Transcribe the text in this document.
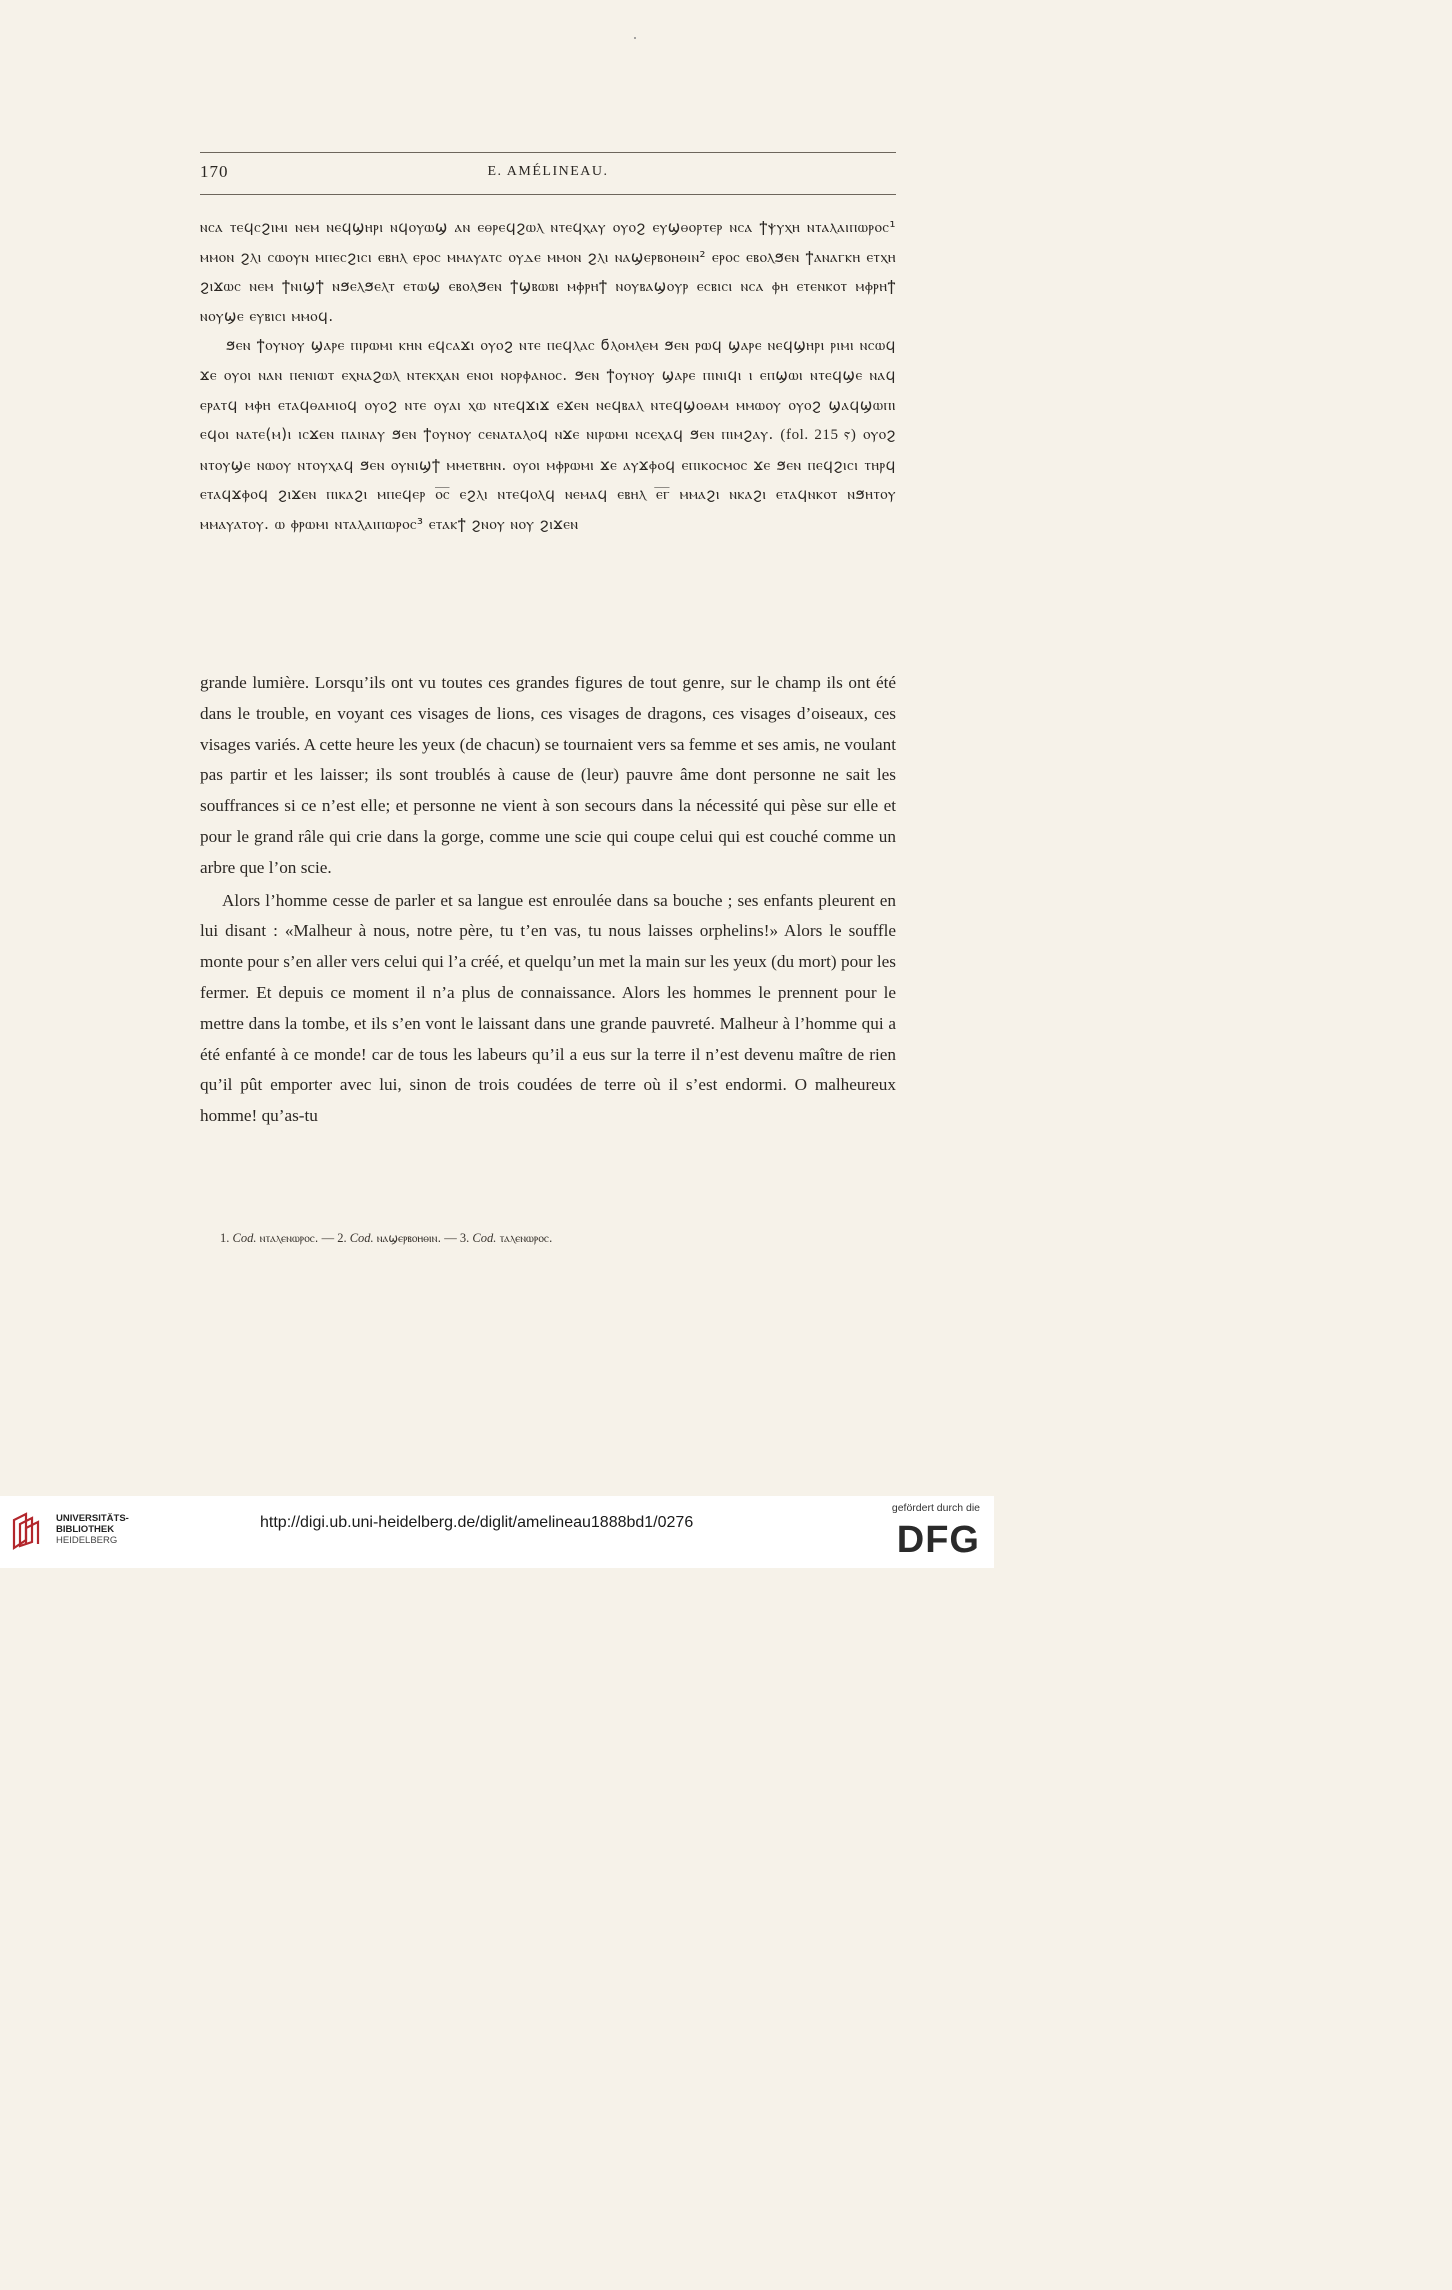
170	E. AMÉLINEAU.

ⲛⲥⲁ ⲧⲉϥⲥϩⲓⲙⲓ ⲛⲉⲙ ⲛⲉϥϣⲏⲣⲓ ⲛϥⲟⲩⲱϣ ⲁⲛ ⲉⲑⲣⲉϥϩⲱⲗ ⲛⲧⲉϥⲭⲁⲩ ⲟⲩⲟϩ ⲉⲩϣⲑⲟⲣⲧⲉⲣ ⲛⲥⲁ ϯⲯⲩⲭⲏ ⲛⲧⲁⲗⲁⲓⲡⲱⲣⲟⲥ¹ ⲙⲙⲟⲛ ϩⲗⲓ ⲥⲱⲟⲩⲛ ⲙⲡⲉⲥϩⲓⲥⲓ ⲉⲃⲏⲗ ⲉⲣⲟⲥ ⲙⲙⲁⲩⲁⲧⲥ ⲟⲩⲇⲉ ⲙⲙⲟⲛ ϩⲗⲓ ⲛⲁϣⲉⲣⲃⲟⲏⲑⲓⲛ² ⲉⲣⲟⲥ ⲉⲃⲟⲗϧⲉⲛ ϯⲁⲛⲁⲅⲕⲏ ⲉⲧⲭⲏ ϩⲓϫⲱⲥ ⲛⲉⲙ ϯⲛⲓϣϯ ⲛϧⲉⲗϧⲉⲗⲧ ⲉⲧⲱϣ ⲉⲃⲟⲗϧⲉⲛ ϯϣⲃⲱⲃⲓ ⲙⲫⲣⲏϯ ⲛⲟⲩⲃⲁϣⲟⲩⲣ ⲉⲥⲃⲓⲥⲓ ⲛⲥⲁ ⲫⲏ ⲉⲧⲉⲛⲕⲟⲧ ⲙⲫⲣⲏϯ ⲛⲟⲩϣⲉ ⲉⲩⲃⲓⲥⲓ ⲙⲙⲟϥ.

ϧⲉⲛ ϯⲟⲩⲛⲟⲩ ϣⲁⲣⲉ ⲡⲓⲣⲱⲙⲓ ⲕⲏⲛ ⲉϥⲥⲁϫⲓ ⲟⲩⲟϩ ⲛⲧⲉ ⲡⲉϥⲗⲁⲥ ϭⲗⲟⲙⲗⲉⲙ ϧⲉⲛ ⲣⲱϥ ϣⲁⲣⲉ ⲛⲉϥϣⲏⲣⲓ ⲣⲓⲙⲓ ⲛⲥⲱϥ ϫⲉ ⲟⲩⲟⲓ ⲛⲁⲛ ⲡⲉⲛⲓⲱⲧ ⲉⲭⲛⲁϩⲱⲗ ⲛⲧⲉⲕⲭⲁⲛ ⲉⲛⲟⲓ ⲛⲟⲣⲫⲁⲛⲟⲥ. ϧⲉⲛ ϯⲟⲩⲛⲟⲩ ϣⲁⲣⲉ ⲡⲓⲛⲓϥⲓ ⲓ ⲉⲡϣⲱⲓ ⲛⲧⲉϥϣⲉ ⲛⲁϥ ⲉⲣⲁⲧϥ ⲙⲫⲏ ⲉⲧⲁϥⲑⲁⲙⲓⲟϥ ⲟⲩⲟϩ ⲛⲧⲉ ⲟⲩⲁⲓ ⲭⲱ ⲛⲧⲉϥϫⲓϫ ⲉϫⲉⲛ ⲛⲉϥⲃⲁⲗ ⲛⲧⲉϥϣⲟⲑⲁⲙ ⲙⲙⲱⲟⲩ ⲟⲩⲟϩ ϣⲁϥϣⲱⲡⲓ ⲉϥⲟⲓ ⲛⲁⲧⲉ(ⲙ)ⲓ ⲓⲥϫⲉⲛ ⲡⲁⲓⲛⲁⲩ ϧⲉⲛ ϯⲟⲩⲛⲟⲩ ⲥⲉⲛⲁⲧⲁⲗⲟϥ ⲛϫⲉ ⲛⲓⲣⲱⲙⲓ ⲛⲥⲉⲭⲁϥ ϧⲉⲛ ⲡⲓⲙϩⲁⲩ. (fol. 215 ⲋ) ⲟⲩⲟϩ ⲛⲧⲟⲩϣⲉ ⲛⲱⲟⲩ ⲛⲧⲟⲩⲭⲁϥ ϧⲉⲛ ⲟⲩⲛⲓϣϯ ⲙⲙⲉⲧⲃⲏⲛ. ⲟⲩⲟⲓ ⲙⲫⲣⲱⲙⲓ ϫⲉ ⲁⲩϫⲫⲟϥ ⲉⲡⲓⲕⲟⲥⲙⲟⲥ ϫⲉ ϧⲉⲛ ⲡⲉϥϩⲓⲥⲓ ⲧⲏⲣϥ ⲉⲧⲁϥϫⲫⲟϥ ϩⲓϫⲉⲛ ⲡⲓⲕⲁϩⲓ ⲙⲡⲉϥⲉⲣ ⲟ̅ⲥ̅ ⲉϩⲗⲓ ⲛⲧⲉϥⲟⲗϥ ⲛⲉⲙⲁϥ ⲉⲃⲏⲗ ⲉ̅ⲅ̅ ⲙⲙⲁϩⲓ ⲛⲕⲁϩⲓ ⲉⲧⲁϥⲛⲕⲟⲧ ⲛϧⲏⲧⲟⲩ ⲙⲙⲁⲩⲁⲧⲟⲩ. ⲱ ⲫⲣⲱⲙⲓ ⲛⲧⲁⲗⲁⲓⲡⲱⲣⲟⲥ³ ⲉⲧⲁⲕϯ ϩⲛⲟⲩ ⲛⲟⲩ ϩⲓϫⲉⲛ

grande lumière. Lorsqu’ils ont vu toutes ces grandes figures de tout genre, sur le champ ils ont été dans le trouble, en voyant ces visages de lions, ces visages de dragons, ces visages d’oiseaux, ces visages variés. A cette heure les yeux (de chacun) se tournaient vers sa femme et ses amis, ne voulant pas partir et les laisser; ils sont troublés à cause de (leur) pauvre âme dont personne ne sait les souffrances si ce n’est elle; et personne ne vient à son secours dans la nécessité qui pèse sur elle et pour le grand râle qui crie dans la gorge, comme une scie qui coupe celui qui est couché comme un arbre que l’on scie.

Alors l’homme cesse de parler et sa langue est enroulée dans sa bouche ; ses enfants pleurent en lui disant : «Malheur à nous, notre père, tu t’en vas, tu nous laisses orphelins!» Alors le souffle monte pour s’en aller vers celui qui l’a créé, et quelqu’un met la main sur les yeux (du mort) pour les fermer. Et depuis ce moment il n’a plus de connaissance. Alors les hommes le prennent pour le mettre dans la tombe, et ils s’en vont le laissant dans une grande pauvreté. Malheur à l’homme qui a été enfanté à ce monde! car de tous les labeurs qu’il a eus sur la terre il n’est devenu maître de rien qu’il pût emporter avec lui, sinon de trois coudées de terre où il s’est endormi. O malheureux homme! qu’as-tu

1. Cod. ⲛⲧⲁⲗⲉⲛⲱⲣⲟⲥ. — 2. Cod. ⲛⲁϣⲉⲣⲃⲟⲏⲑⲓⲛ. — 3. Cod. ⲧⲁⲗⲉⲛⲱⲣⲟⲥ.
UNIVERSITÄTS-
BIBLIOTHEK
HEIDELBERG
http://digi.ub.uni-heidelberg.de/diglit/amelineau1888bd1/0276
gefördert durch die
DFG
